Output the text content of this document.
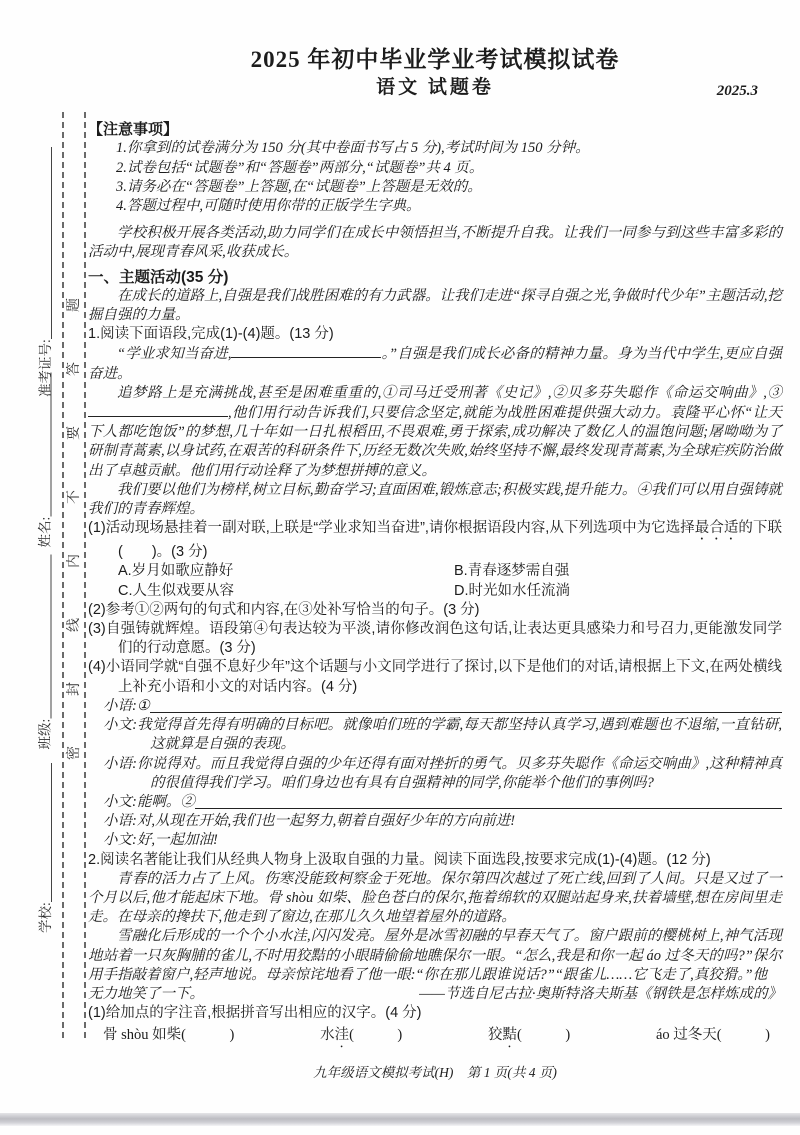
密封线内不要答题
准考证号:
姓名:
班级:
学校:
2025 年初中毕业学业考试模拟试卷
语文 试题卷	2025.3
【注意事项】
1.你拿到的试卷满分为 150 分(其中卷面书写占 5 分),考试时间为 150 分钟。
2.试卷包括“试题卷”和“答题卷”两部分,“试题卷”共 4 页。
3.请务必在“答题卷”上答题,在“试题卷”上答题是无效的。
4.答题过程中,可随时使用你带的正版学生字典。
学校积极开展各类活动,助力同学们在成长中领悟担当,不断提升自我。让我们一同参与到这些丰富多彩的活动中,展现青春风采,收获成长。
一、主题活动(35 分)
在成长的道路上,自强是我们战胜困难的有力武器。让我们走进“探寻自强之光,争做时代少年”主题活动,挖掘自强的力量。
1.阅读下面语段,完成(1)-(4)题。(13 分)
“学业求知当奋进,	。”自强是我们成长必备的精神力量。身为当代中学生,更应自强奋进。
追梦路上是充满挑战,甚至是困难重重的,①司马迁受刑著《史记》,②贝多芬失聪作《命运交响曲》,③,他们用行动告诉我们,只要信念坚定,就能为战胜困难提供强大动力。袁隆平心怀“让天下人都吃饱饭”的梦想,几十年如一日扎根稻田,不畏艰难,勇于探索,成功解决了数亿人的温饱问题;屠呦呦为了研制青蒿素,以身试药,在艰苦的科研条件下,历经无数次失败,始终坚持不懈,最终发现青蒿素,为全球疟疾防治做出了卓越贡献。他们用行动诠释了为梦想拼搏的意义。
我们要以他们为榜样,树立目标,勤奋学习;直面困难,锻炼意志;积极实践,提升能力。④我们可以用自强铸就我们的青春辉煌。
(1)活动现场悬挂着一副对联,上联是“学业求知当奋进”,请你根据语段内容,从下列选项中为它选择最合适的下联(　　)。(3 分)
A.岁月如歌应静好	B.青春逐梦需自强
C.人生似戏要从容	D.时光如水任流淌
(2)参考①②两句的句式和内容,在③处补写恰当的句子。(3 分)
(3)自强铸就辉煌。语段第④句表达较为平淡,请你修改润色这句话,让表达更具感染力和号召力,更能激发同学们的行动意愿。(3 分)
(4)小语同学就“自强不息好少年”这个话题与小文同学进行了探讨,以下是他们的对话,请根据上下文,在两处横线上补充小语和小文的对话内容。(4 分)
小语: ①
小文:我觉得首先得有明确的目标吧。就像咱们班的学霸,每天都坚持认真学习,遇到难题也不退缩,一直钻研,这就算是自强的表现。
小语:你说得对。而且我觉得自强的少年还得有面对挫折的勇气。贝多芬失聪作《命运交响曲》,这种精神真的很值得我们学习。咱们身边也有具有自强精神的同学,你能举个他们的事例吗?
小文: 能啊。②
小语:对,从现在开始,我们也一起努力,朝着自强好少年的方向前进!
小文:好,一起加油!
2.阅读名著能让我们从经典人物身上汲取自强的力量。阅读下面选段,按要求完成(1)-(4)题。(12 分)
青春的活力占了上风。伤寒没能致柯察金于死地。保尔第四次越过了死亡线,回到了人间。只是又过了一个月以后,他才能起床下地。骨 shòu 如柴、脸色苍白的保尔,拖着绵软的双腿站起身来,扶着墙壁,想在房间里走走。在母亲的搀扶下,他走到了窗边,在那儿久久地望着屋外的道路。
雪融化后形成的一个个小水洼,闪闪发亮。屋外是冰雪初融的早春天气了。窗户跟前的樱桃树上,神气活现地站着一只灰胸脯的雀儿,不时用狡黠的小眼睛偷偷地瞧保尔一眼。“怎么,我是和你一起 áo 过冬天的吗?”保尔用手指敲着窗户,轻声地说。母亲惊诧地看了他一眼:“你在那儿跟谁说话?”“跟雀儿……它飞走了,真狡猾。”他
无力地笑了一下。	——节选自尼古拉·奥斯特洛夫斯基《钢铁是怎样炼成的》
(1)给加点的字注音,根据拼音写出相应的汉字。(4 分)
骨 shòu 如柴(　　　)	水洼(　　　)	狡黠(　　　)	áo 过冬天(　　　)
九年级语文模拟考试(H)　第 1 页(共 4 页)
